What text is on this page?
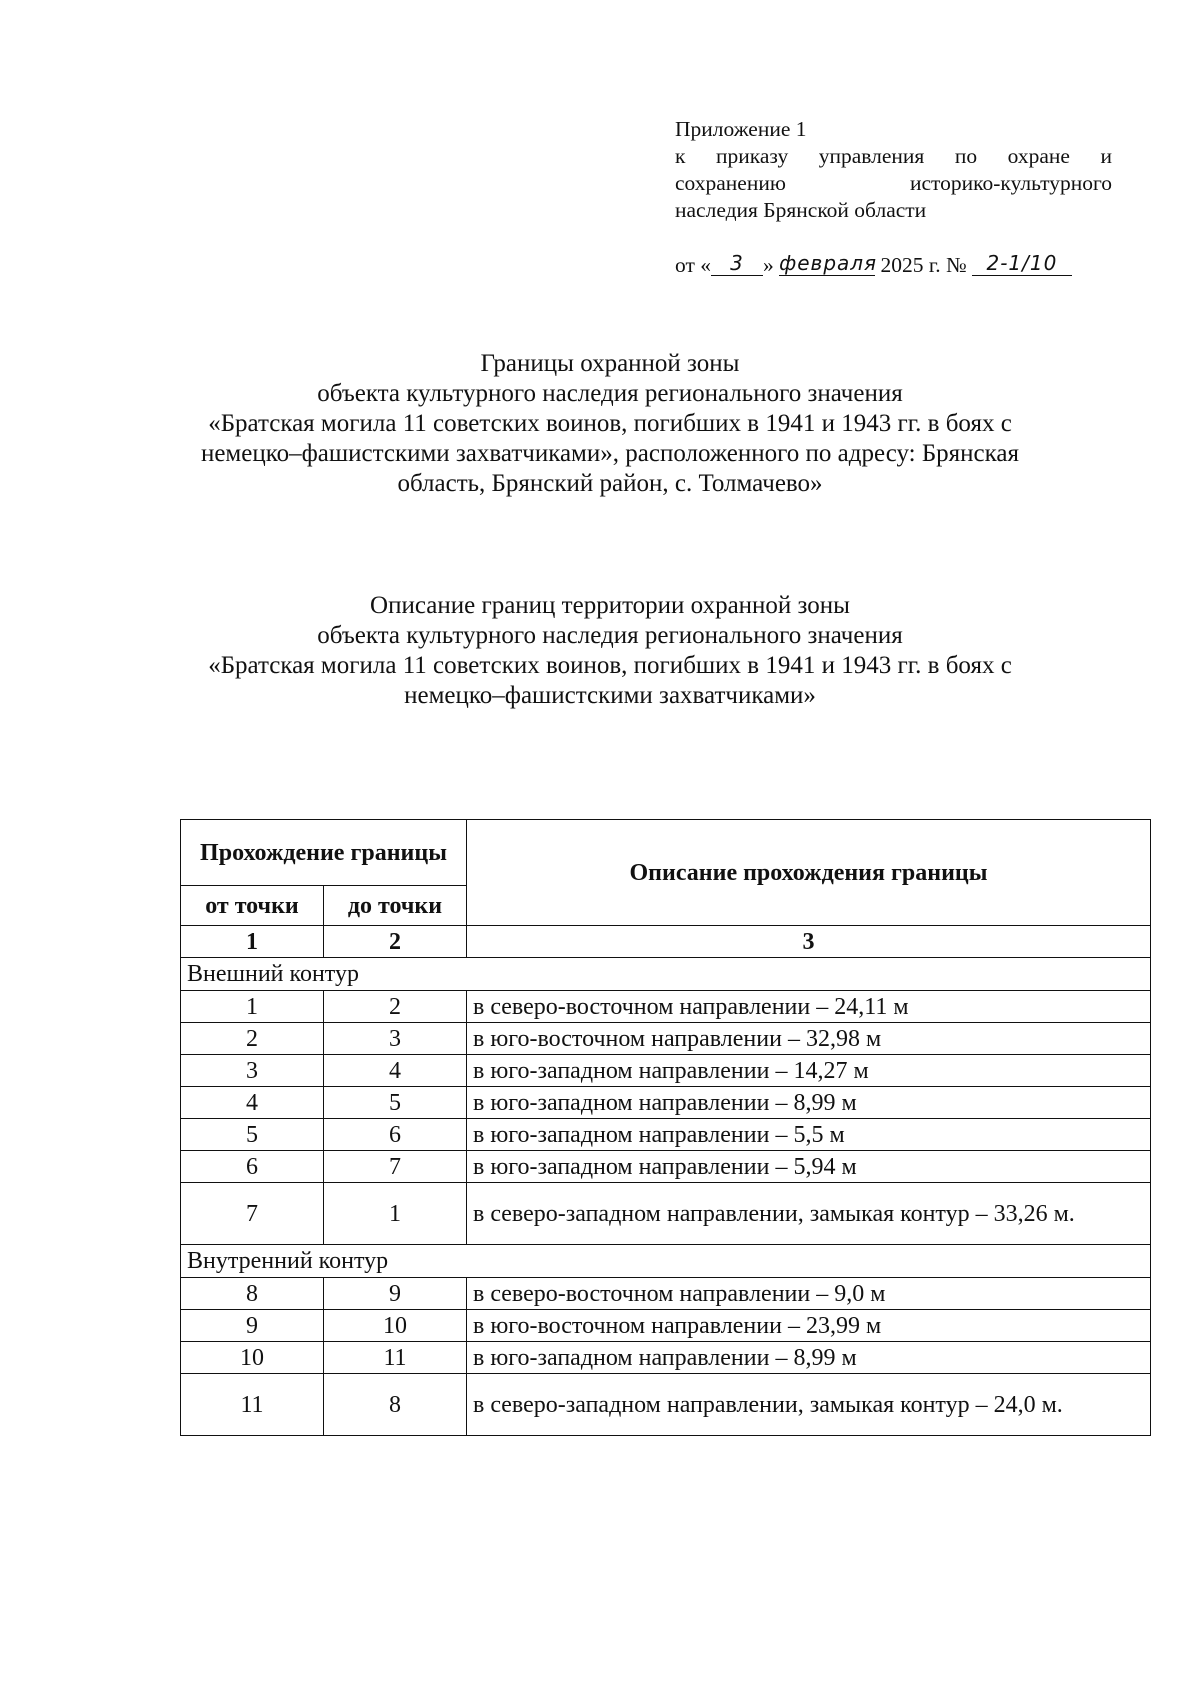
Приложение 1
к приказу управления по охране и
сохранению историко-культурного
наследия Брянской области
от « 3 » февраля 2025 г. № 2-1/10
Границы охранной зоны
объекта культурного наследия регионального значения
«Братская могила 11 советских воинов, погибших в 1941 и 1943 гг. в боях с
немецко–фашистскими захватчиками», расположенного по адресу: Брянская
область, Брянский район, с. Толмачево»
Описание границ территории охранной зоны
объекта культурного наследия регионального значения
«Братская могила 11 советских воинов, погибших в 1941 и 1943 гг. в боях с
немецко–фашистскими захватчиками»
Прохождение границы		Описание прохождения границы
от точки	до точки	
1	2	3
Внешний контур		
1	2	в северо-восточном направлении – 24,11 м
2	3	в юго-восточном направлении – 32,98 м
3	4	в юго-западном направлении – 14,27 м
4	5	в юго-западном направлении – 8,99 м
5	6	в юго-западном направлении – 5,5 м
6	7	в юго-западном направлении – 5,94 м
7	1	в северо-западном направлении, замыкая контур – 33,26 м.
Внутренний контур		
8	9	в северо-восточном направлении – 9,0 м
9	10	в юго-восточном направлении – 23,99 м
10	11	в юго-западном направлении – 8,99 м
11	8	в северо-западном направлении, замыкая контур – 24,0 м.
